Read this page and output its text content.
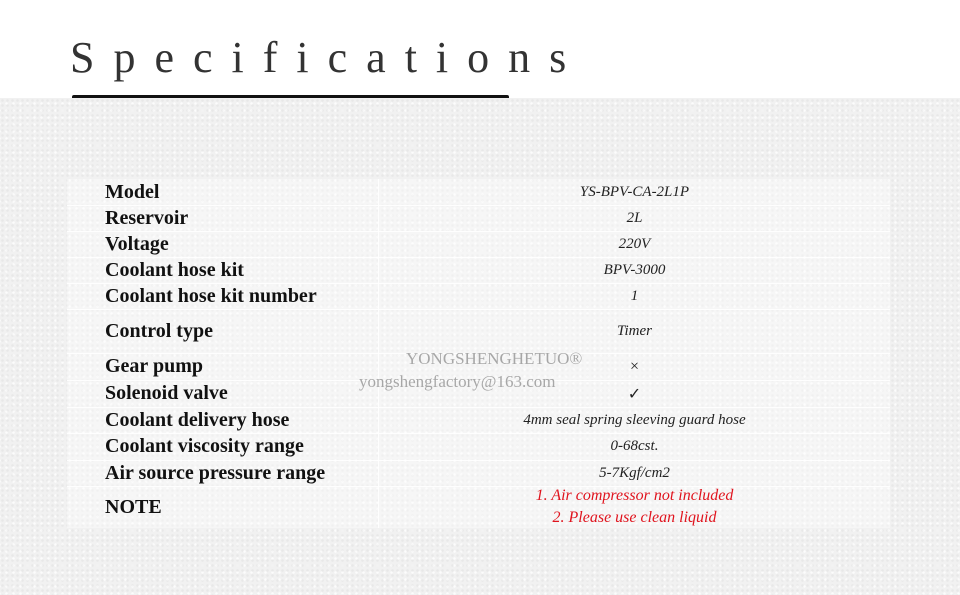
Specifications
Model	YS-BPV-CA-2L1P
Reservoir	2L
Voltage	220V
Coolant hose kit	BPV-3000
Coolant hose kit number	1
Control type	Timer
Gear pump	×
Solenoid valve	✓
Coolant delivery hose	4mm seal spring sleeving guard hose
Coolant viscosity range	0-68cst.
Air source pressure range	5-7Kgf/cm2
NOTE	1. Air compressor not included
2. Please use clean liquid
YONGSHENGHETUO®
yongshengfactory@163.com
